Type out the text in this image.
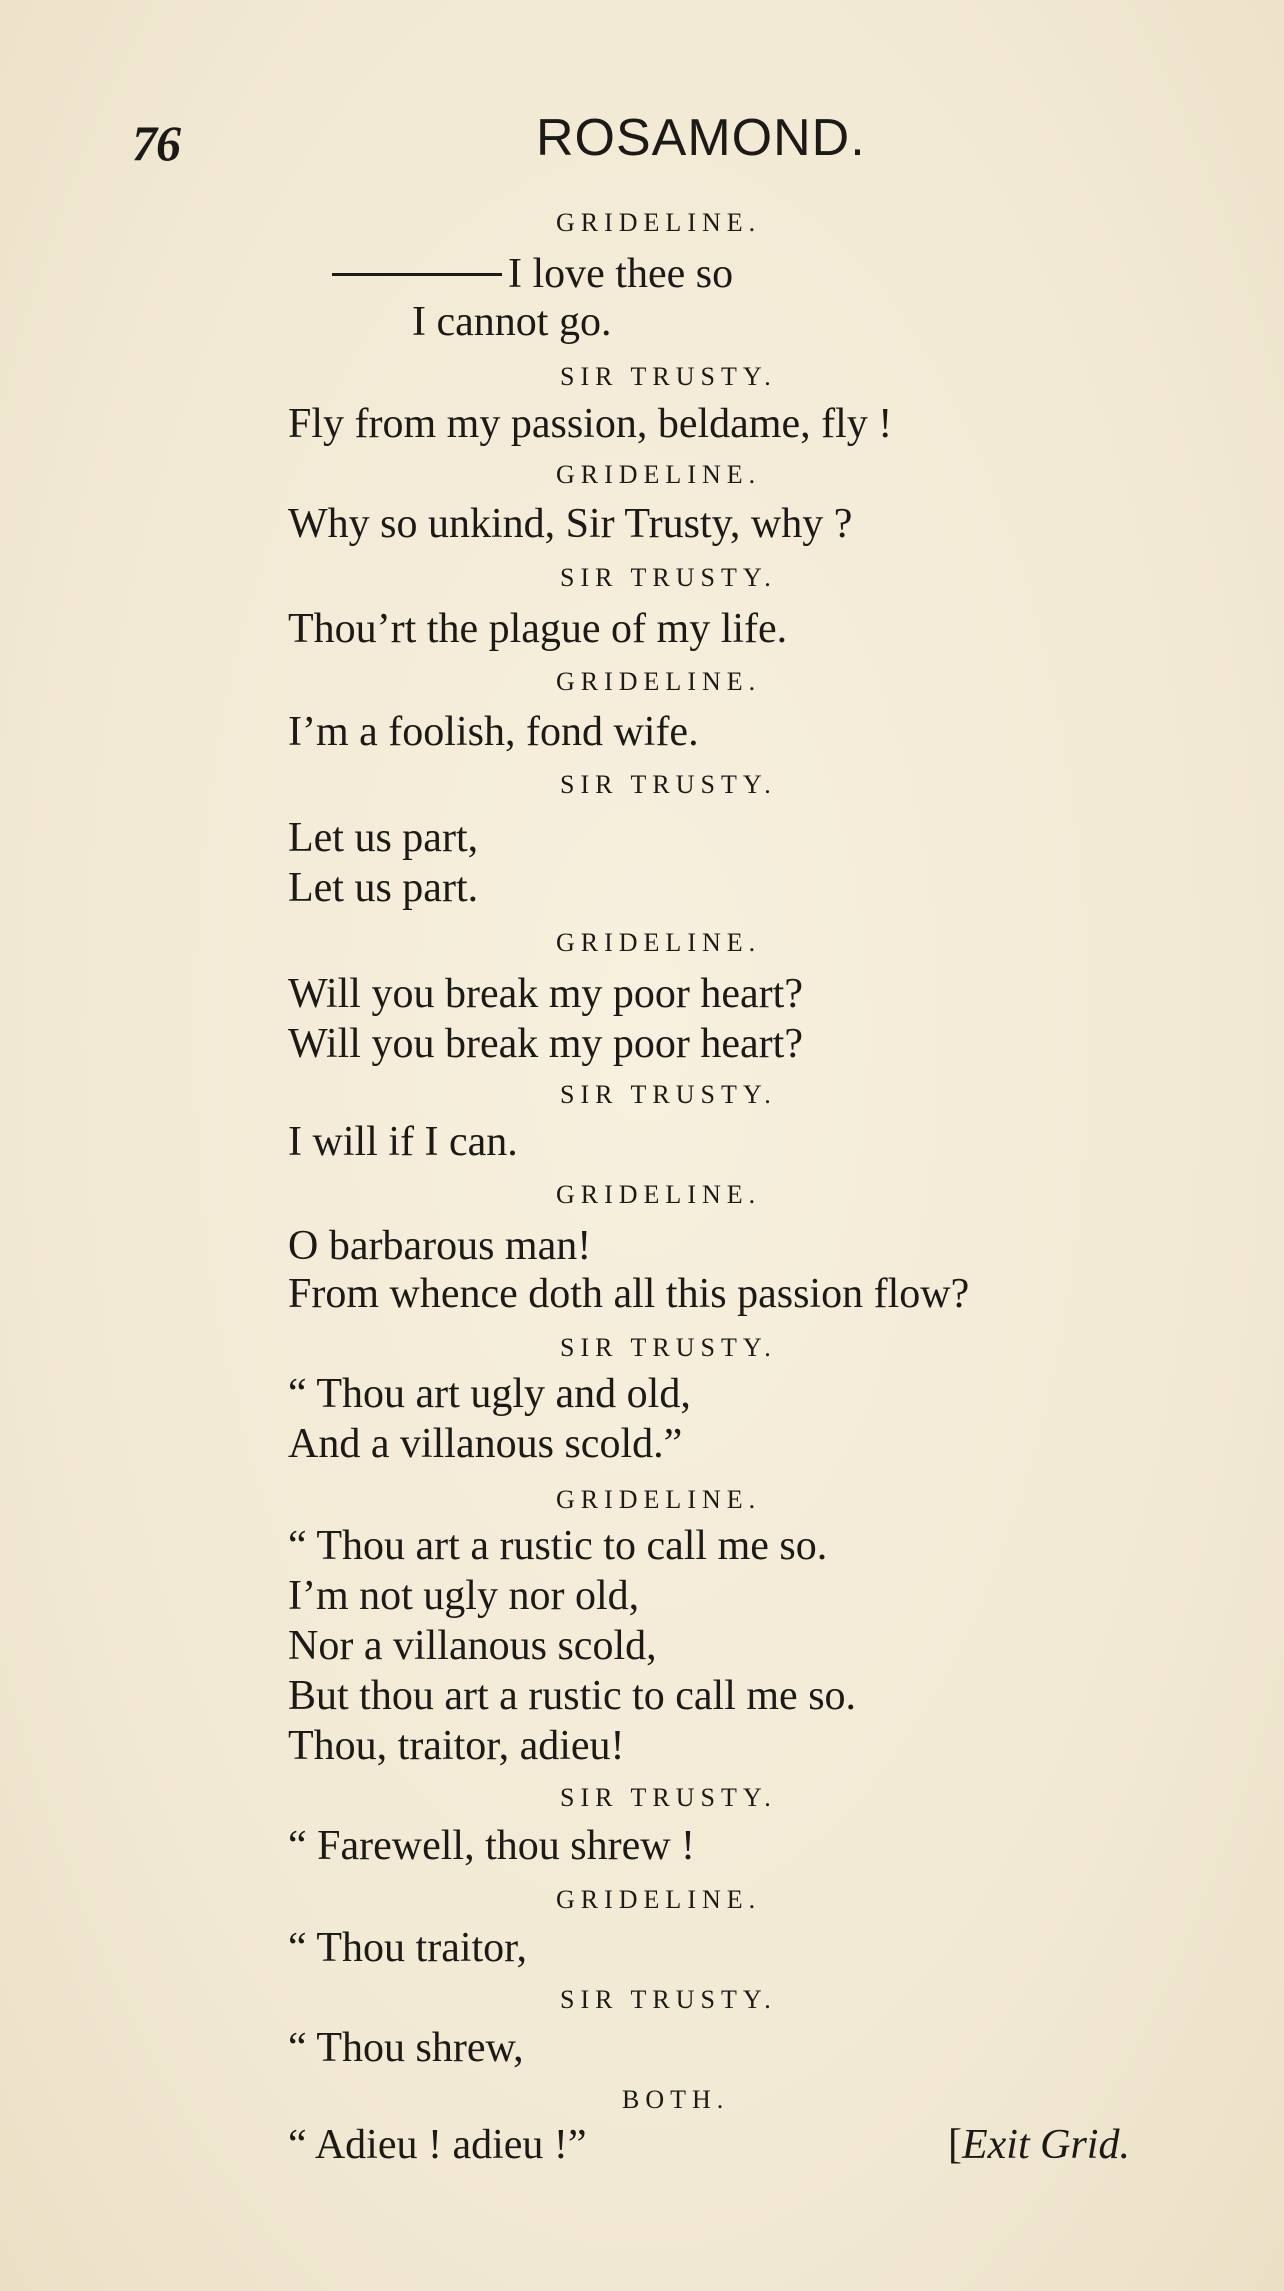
76	ROSAMOND.
GRIDELINE.
I love thee so
I cannot go.
SIR TRUSTY.
Fly from my passion, beldame, fly !
GRIDELINE.
Why so unkind, Sir Trusty, why ?
SIR TRUSTY.
Thou’rt the plague of my life.
GRIDELINE.
I’m a foolish, fond wife.
SIR TRUSTY.
Let us part,
Let us part.
GRIDELINE.
Will you break my poor heart?
Will you break my poor heart?
SIR TRUSTY.
I will if I can.
GRIDELINE.
O barbarous man!
From whence doth all this passion flow?
SIR TRUSTY.
“ Thou art ugly and old,
And a villanous scold.”
GRIDELINE.
“ Thou art a rustic to call me so.
I’m not ugly nor old,
Nor a villanous scold,
But thou art a rustic to call me so.
Thou, traitor, adieu!
SIR TRUSTY.
“ Farewell, thou shrew !
GRIDELINE.
“ Thou traitor,
SIR TRUSTY.
“ Thou shrew,
BOTH.
“ Adieu ! adieu !”	[Exit Grid.
